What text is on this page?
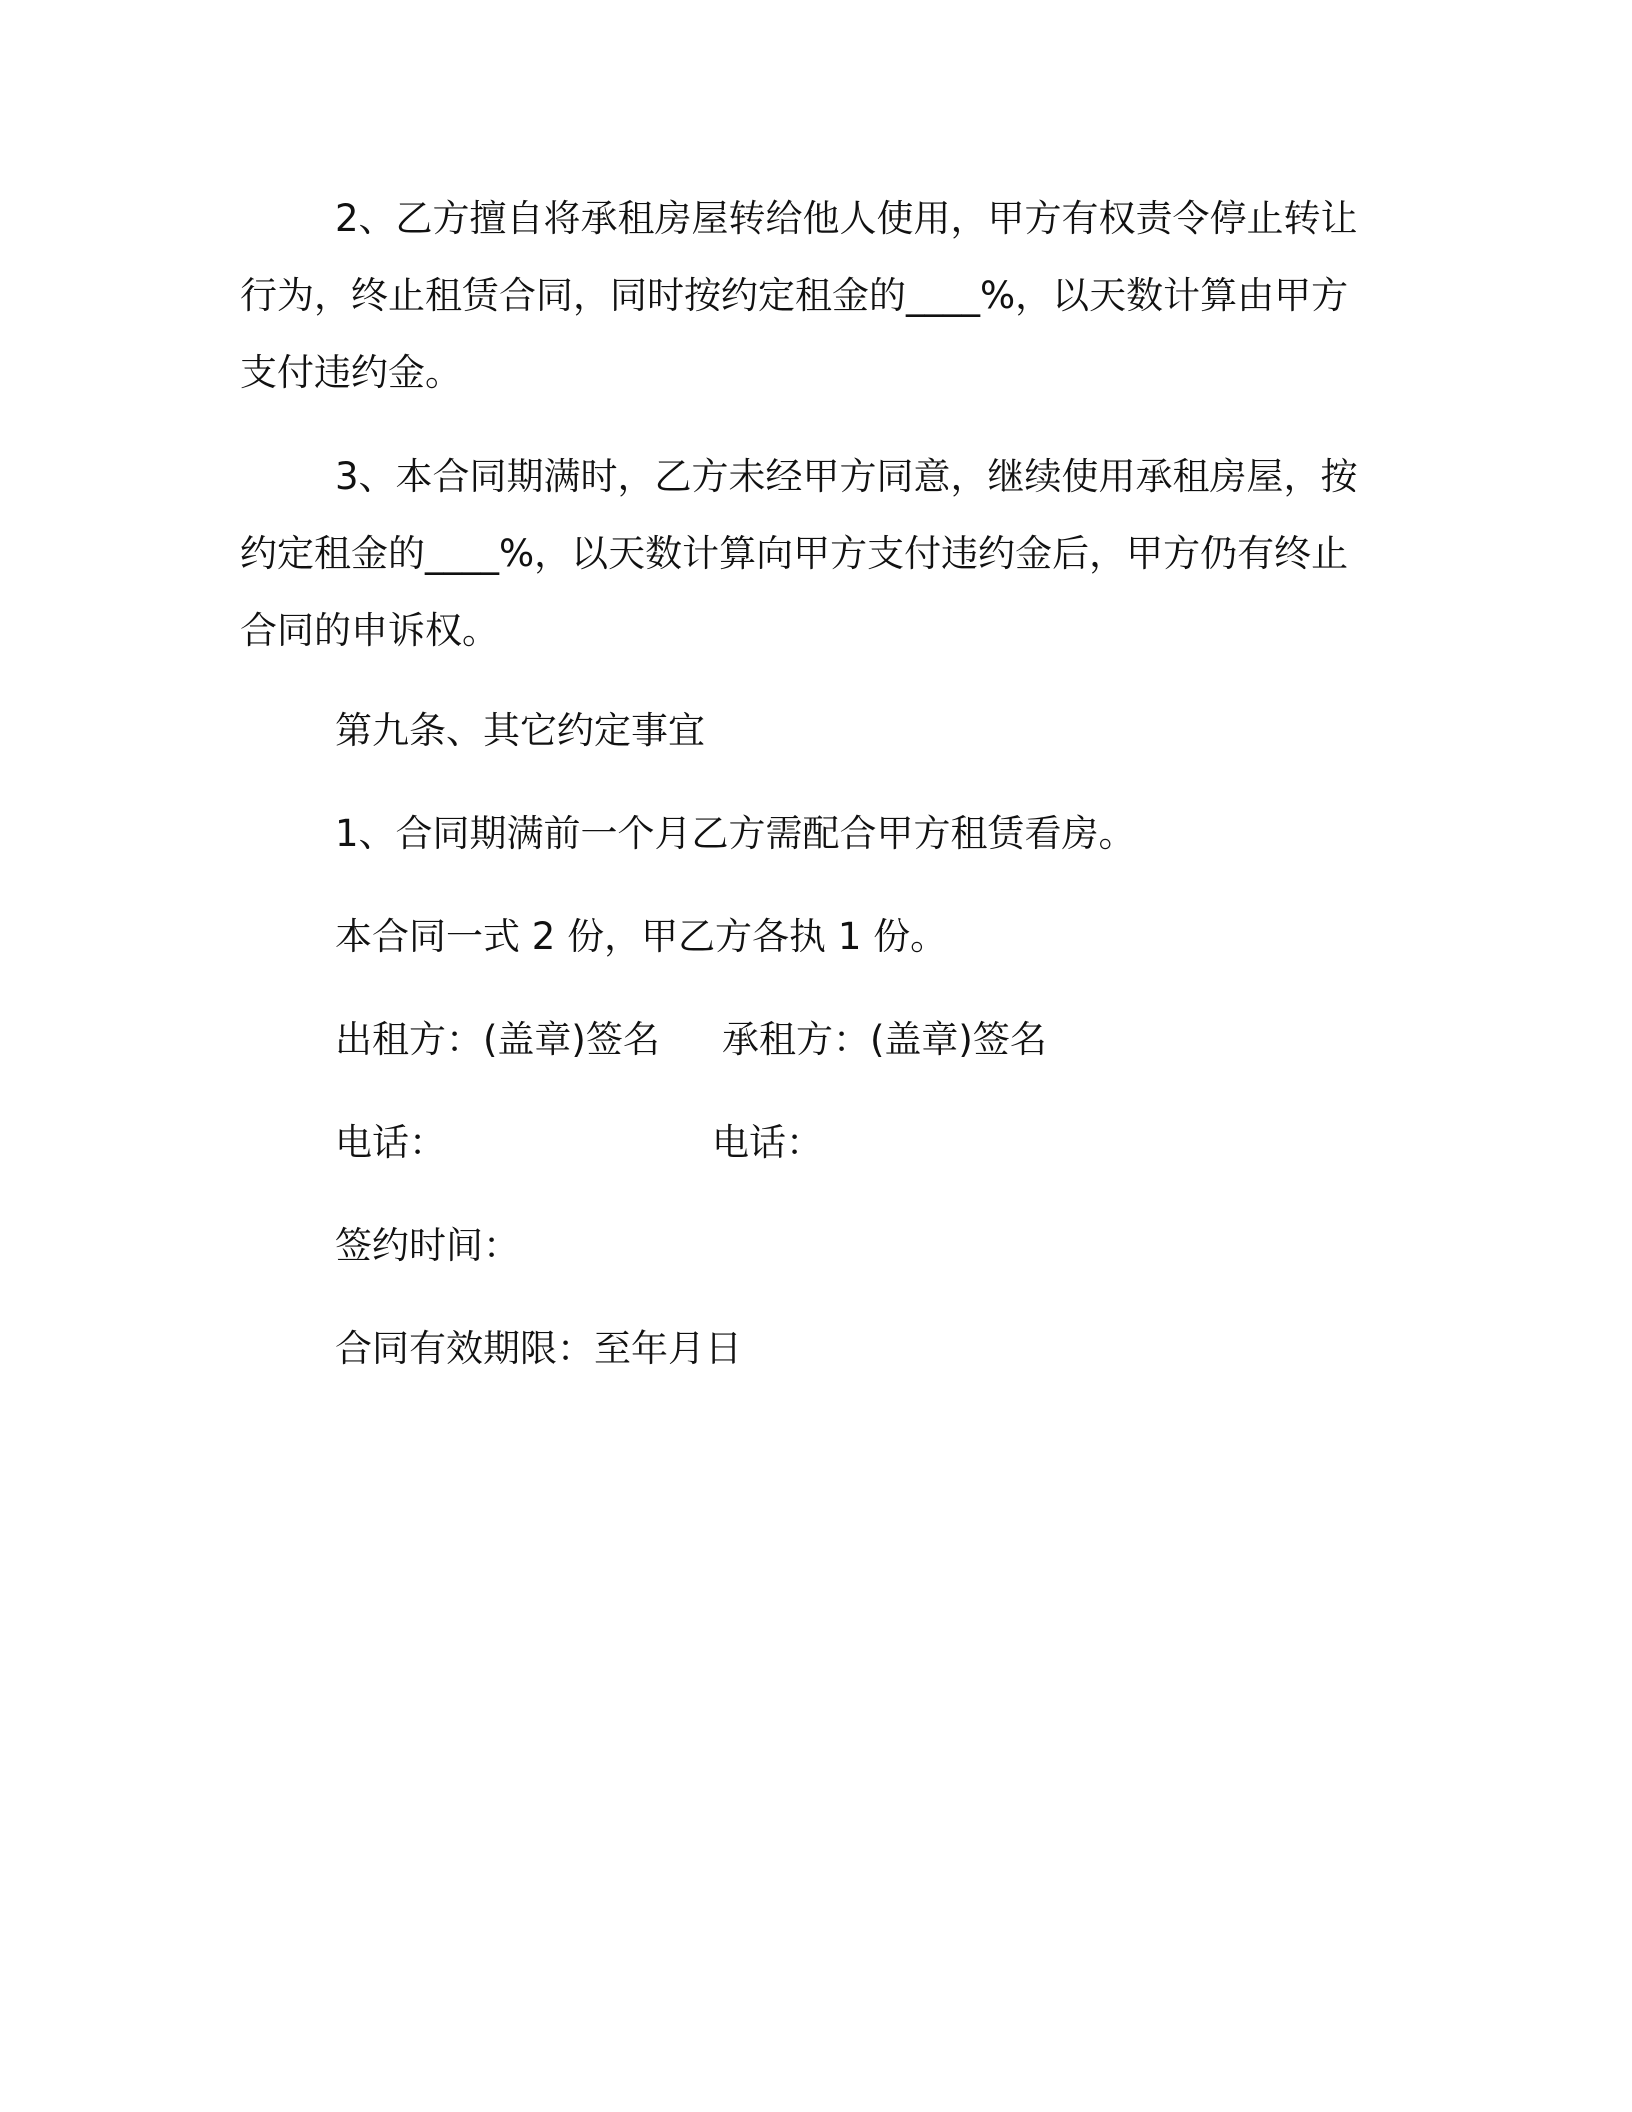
2、乙方擅自将承租房屋转给他人使用，甲方有权责令停止转让
行为，终止租赁合同，同时按约定租金的____%，以天数计算由甲方
支付违约金。
3、本合同期满时，乙方未经甲方同意，继续使用承租房屋，按
约定租金的____%，以天数计算向甲方支付违约金后，甲方仍有终止
合同的申诉权。

第九条、其它约定事宜

1、合同期满前一个月乙方需配合甲方租赁看房。

本合同一式 2 份，甲乙方各执 1 份。

出租方：(盖章)签名 承租方：(盖章)签名

电话：	电话：

签约时间：

合同有效期限：至年月日
